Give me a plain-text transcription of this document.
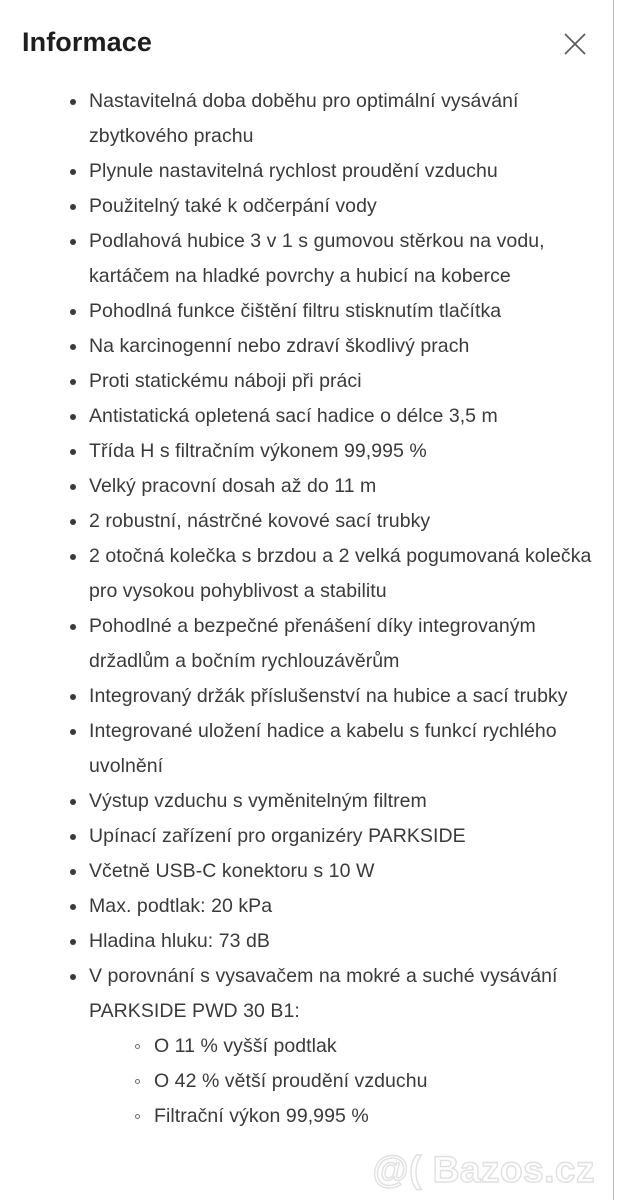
Informace
Nastavitelná doba doběhu pro optimální vysávání zbytkového prachu
Plynule nastavitelná rychlost proudění vzduchu
Použitelný také k odčerpání vody
Podlahová hubice 3 v 1 s gumovou stěrkou na vodu, kartáčem na hladké povrchy a hubicí na koberce
Pohodlná funkce čištění filtru stisknutím tlačítka
Na karcinogenní nebo zdraví škodlivý prach
Proti statickému náboji při práci
Antistatická opletená sací hadice o délce 3,5 m
Třída H s filtračním výkonem 99,995 %
Velký pracovní dosah až do 11 m
2 robustní, nástrčné kovové sací trubky
2 otočná kolečka s brzdou a 2 velká pogumovaná kolečka pro vysokou pohyblivost a stabilitu
Pohodlné a bezpečné přenášení díky integrovaným držadlům a bočním rychlouzávěrům
Integrovaný držák příslušenství na hubice a sací trubky
Integrované uložení hadice a kabelu s funkcí rychlého uvolnění
Výstup vzduchu s vyměnitelným filtrem
Upínací zařízení pro organizéry PARKSIDE
Včetně USB-C konektoru s 10 W
Max. podtlak: 20 kPa
Hladina hluku: 73 dB
V porovnání s vysavačem na mokré a suché vysávání PARKSIDE PWD 30 B1:
O 11 % vyšší podtlak
O 42 % větší proudění vzduchu
Filtrační výkon 99,995 %
@( Bazos.cz
